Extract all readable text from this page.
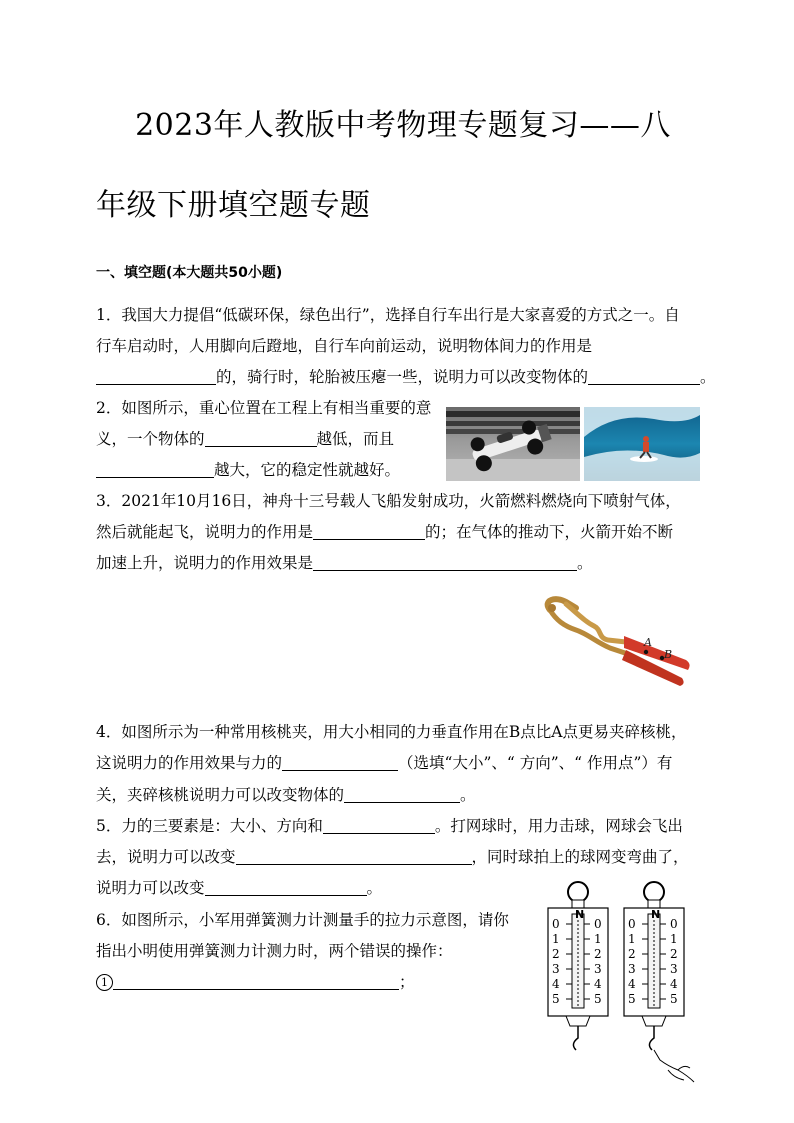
2023年人教版中考物理专题复习——八
年级下册填空题专题
一、填空题(本大题共50小题)
1．我国大力提倡“低碳环保，绿色出行”，选择自行车出行是大家喜爱的方式之一。自
行车启动时，人用脚向后蹬地，自行车向前运动，说明物体间力的作用是
的，骑行时，轮胎被压瘪一些，说明力可以改变物体的	。
2．如图所示，重心位置在工程上有相当重要的意
义，一个物体的	越低，而且
越大，它的稳定性就越好。
3．2021年10月16日，神舟十三号载人飞船发射成功，火箭燃料燃烧向下喷射气体，
然后就能起飞，说明力的作用是	的；在气体的推动下，火箭开始不断
加速上升，说明力的作用效果是	。
A
B
4．如图所示为一种常用核桃夹，用大小相同的力垂直作用在B点比A点更易夹碎核桃，
这说明力的作用效果与力的	（选填“大小”、“ 方向”、“ 作用点”）有
关，夹碎核桃说明力可以改变物体的	。
5．力的三要素是：大小、方向和	。打网球时，用力击球，网球会飞出
去，说明力可以改变	，同时球拍上的球网变弯曲了，
说明力可以改变	。
6．如图所示，小军用弹簧测力计测量手的拉力示意图，请你
指出小明使用弹簧测力计测力时，两个错误的操作：
1	；
N
0	0
1	1
2	2
3	3
4	4
5	5
N
0	0
1	1
2	2
3	3
4	4
5	5
